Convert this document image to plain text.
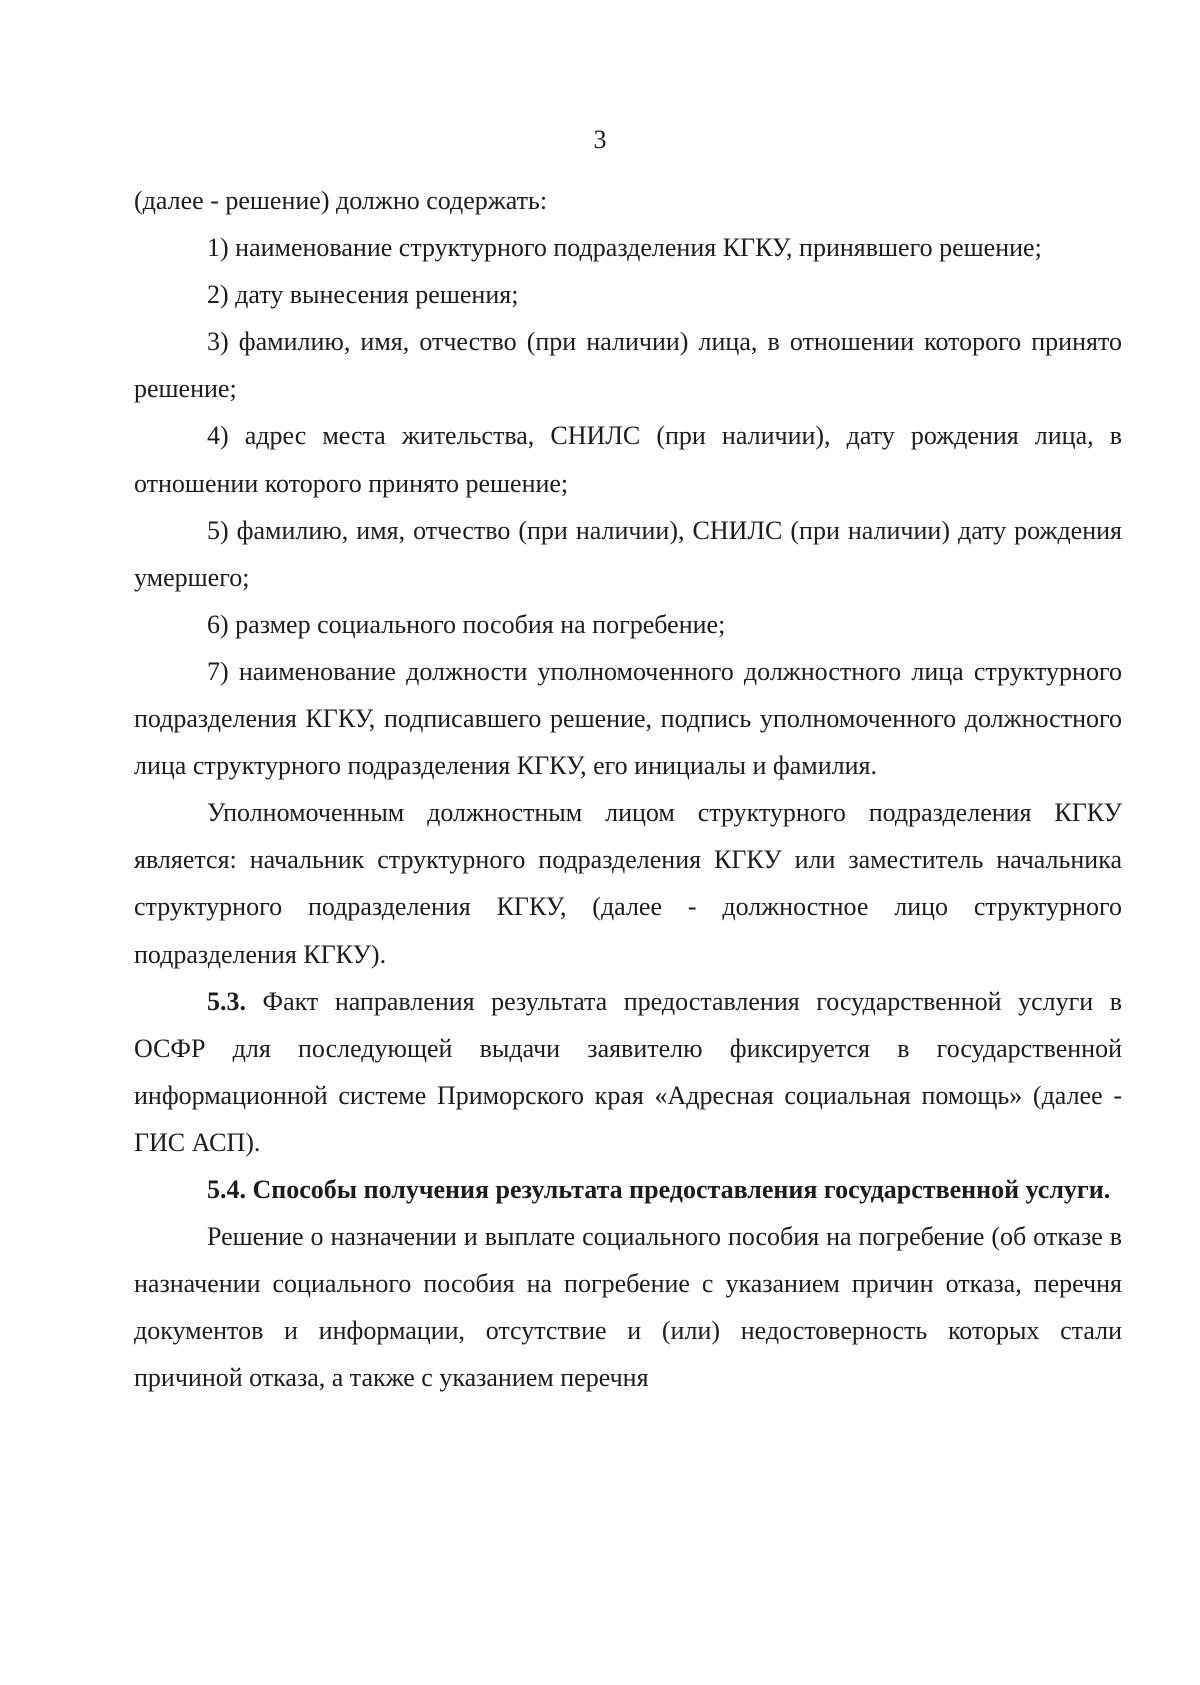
3

(далее - решение) должно содержать:

1) наименование структурного подразделения КГКУ, принявшего решение;

2) дату вынесения решения;

3) фамилию, имя, отчество (при наличии) лица, в отношении которого принято решение;

4) адрес места жительства, СНИЛС (при наличии), дату рождения лица, в отношении которого принято решение;

5) фамилию, имя, отчество (при наличии), СНИЛС (при наличии) дату рождения умершего;

6) размер социального пособия на погребение;

7) наименование должности уполномоченного должностного лица структурного подразделения КГКУ, подписавшего решение, подпись уполномоченного должностного лица структурного подразделения КГКУ, его инициалы и фамилия.

Уполномоченным должностным лицом структурного подразделения КГКУ является: начальник структурного подразделения КГКУ или заместитель начальника структурного подразделения КГКУ, (далее - должностное лицо структурного подразделения КГКУ).

5.3. Факт направления результата предоставления государственной услуги в ОСФР для последующей выдачи заявителю фиксируется в государственной информационной системе Приморского края «Адресная социальная помощь» (далее - ГИС АСП).

5.4. Способы получения результата предоставления государственной услуги.

Решение о назначении и выплате социального пособия на погребение (об отказе в назначении социального пособия на погребение с указанием причин отказа, перечня документов и информации, отсутствие и (или) недостоверность которых стали причиной отказа, а также с указанием перечня
